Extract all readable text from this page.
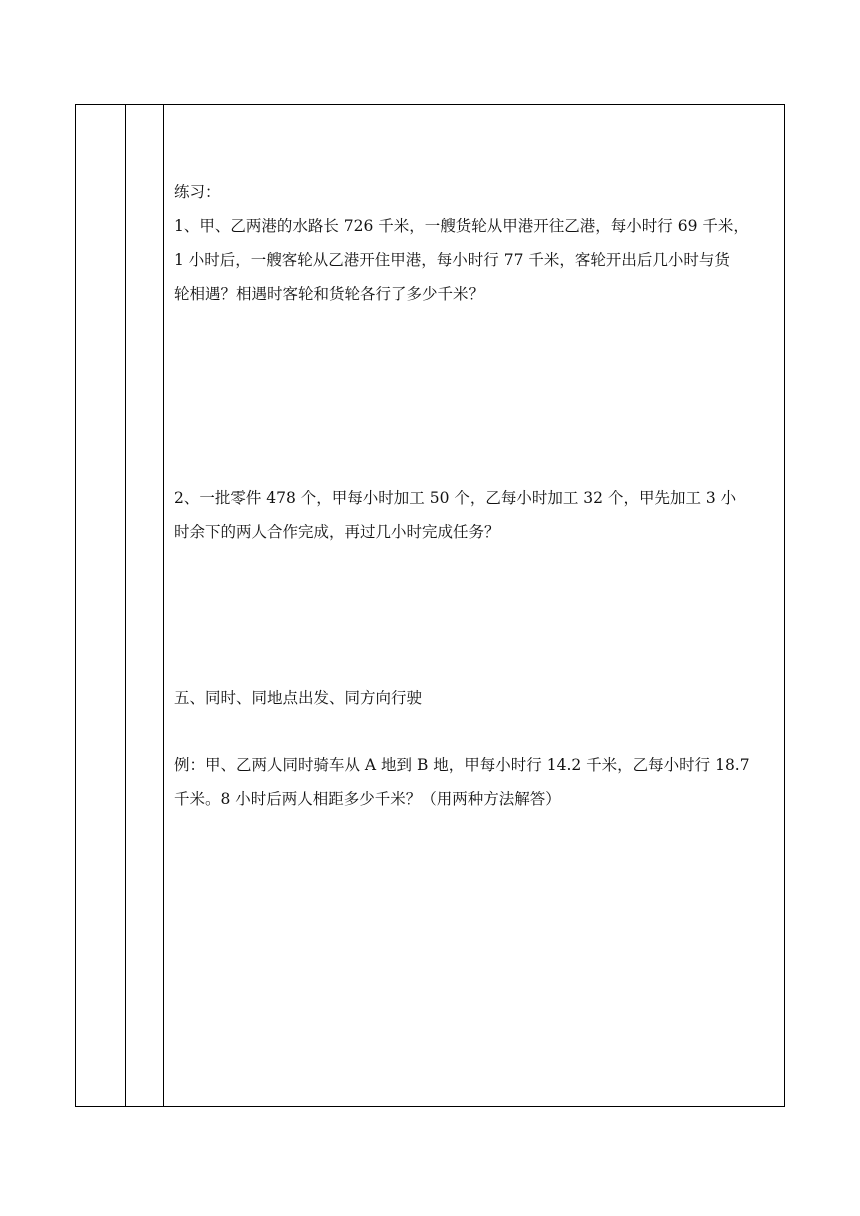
练习：

1、甲、乙两港的水路长 726 千米，一艘货轮从甲港开往乙港，每小时行 69 千米，

1 小时后，一艘客轮从乙港开住甲港，每小时行 77 千米，客轮开出后几小时与货

轮相遇？相遇时客轮和货轮各行了多少千米？

2、一批零件 478 个，甲每小时加工 50 个，乙每小时加工 32 个，甲先加工 3 小

时余下的两人合作完成，再过几小时完成任务？

五、同时、同地点出发、同方向行驶

例：甲、乙两人同时骑车从 A 地到 B 地，甲每小时行 14.2 千米，乙每小时行 18.7

千米。8 小时后两人相距多少千米？（用两种方法解答）
